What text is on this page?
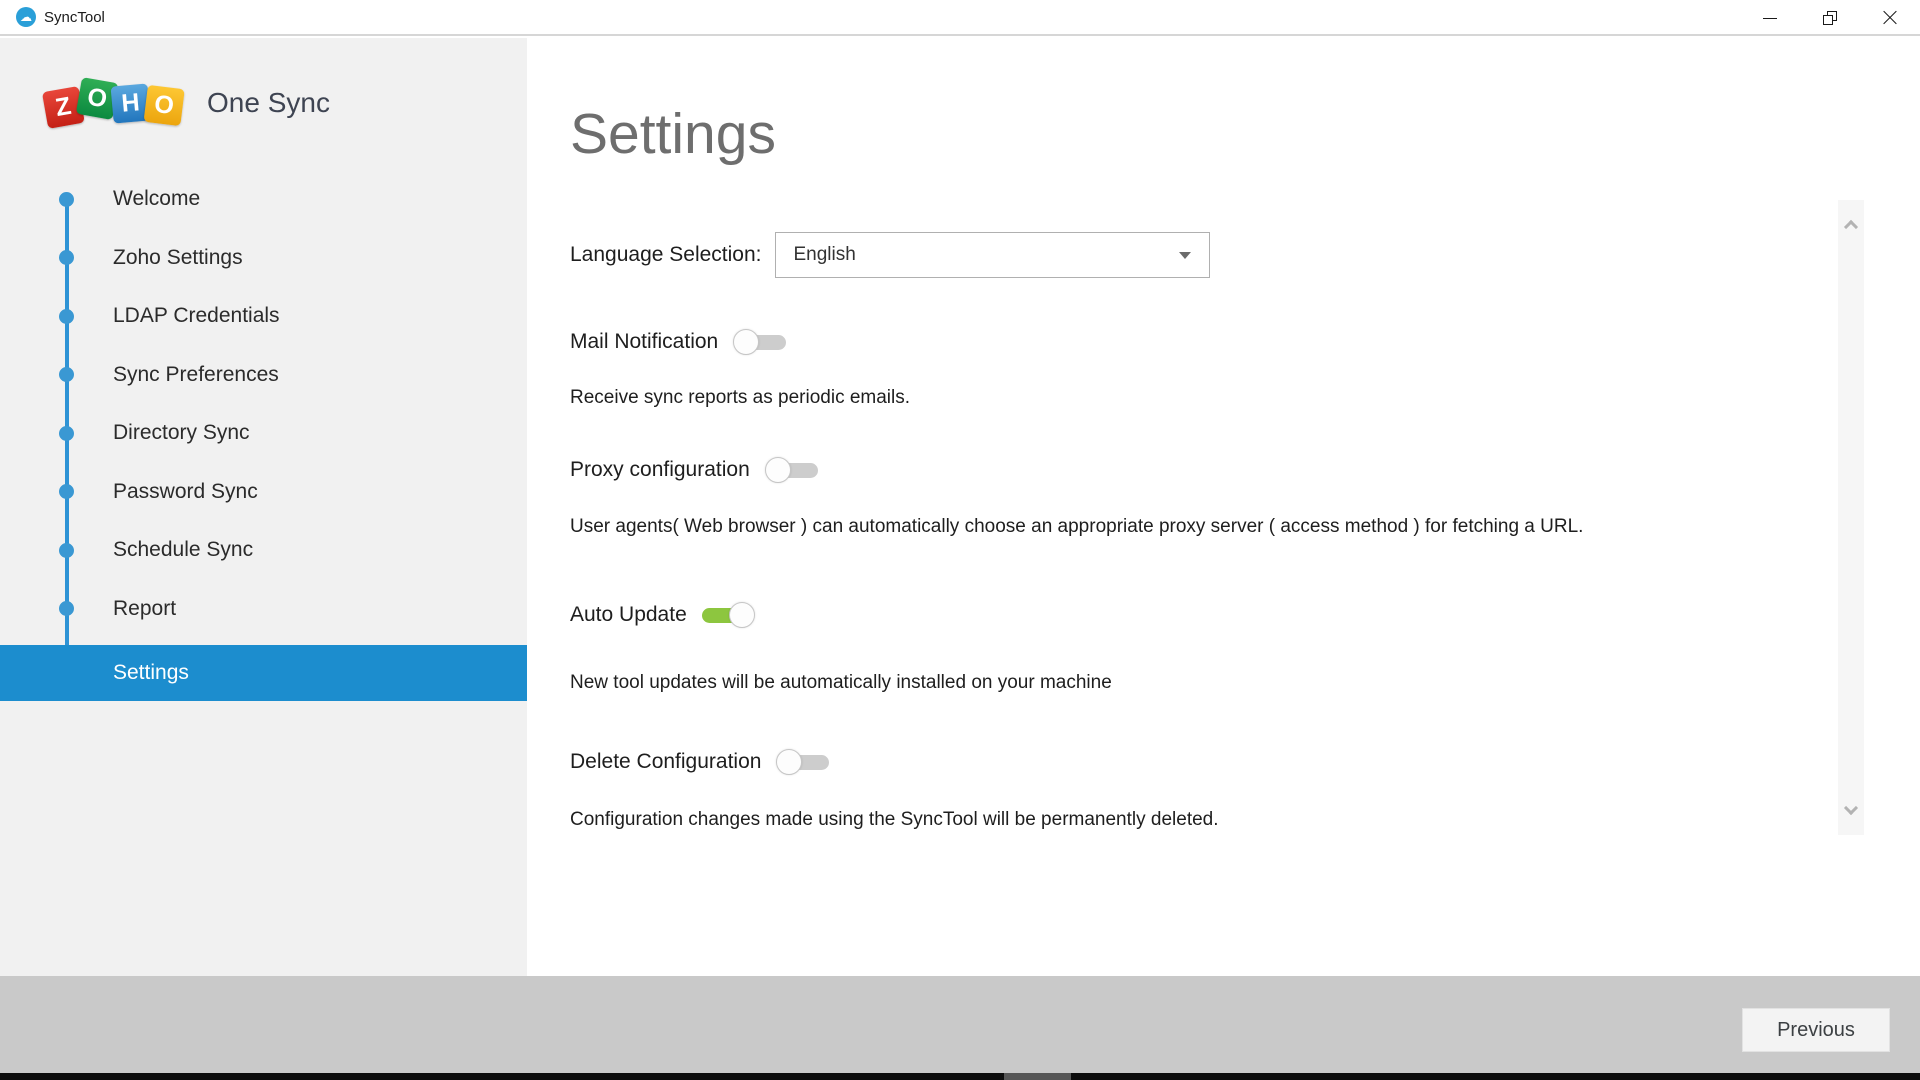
☁ SyncTool
Z O H O	One Sync
Welcome
Zoho Settings
LDAP Credentials
Sync Preferences
Directory Sync
Password Sync
Schedule Sync
Report
Settings
Settings
Language Selection: English
Mail Notification
Receive sync reports as periodic emails.
Proxy configuration
User agents( Web browser ) can automatically choose an appropriate proxy server ( access method ) for fetching a URL.
Auto Update
New tool updates will be automatically installed on your machine
Delete Configuration
Configuration changes made using the SyncTool will be permanently deleted.
Previous
